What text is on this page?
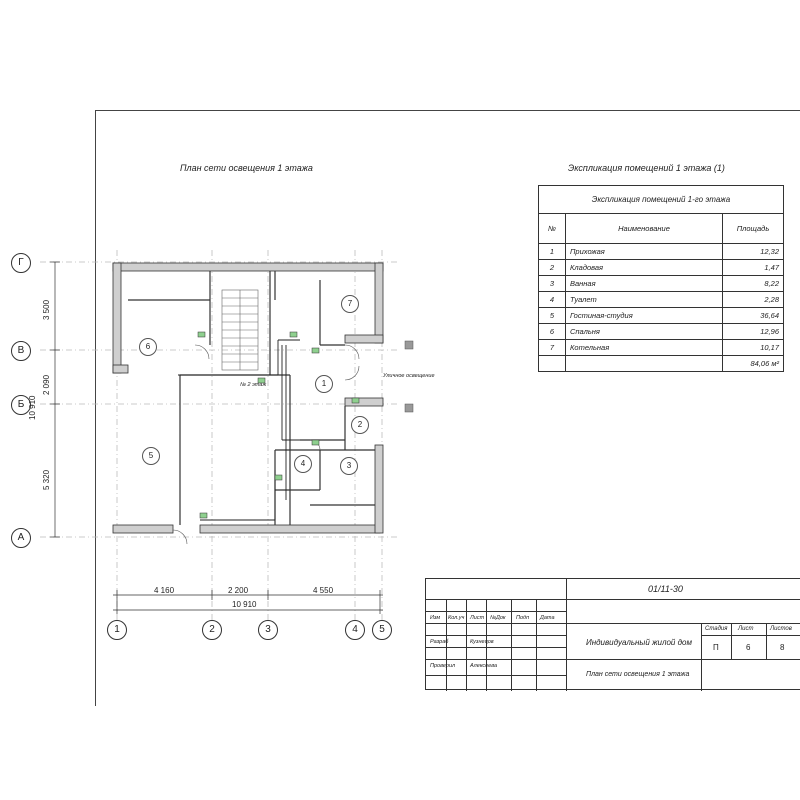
План сети освещения 1 этажа
1
2
3
4
5
6
7
№ 2 этаж
Уличное освещение
Г
В
Б
А
1	2	3	4	5
3 500
2 090
5 320
10 910
4 160	2 200	4 550
10 910
Экспликация помещений 1 этажа (1)
Экспликация помещений 1-го этажа		
№	Наименование	Площадь
1	Прихожая	12,32
2	Кладовая	1,47
3	Ванная	8,22
4	Туалет	2,28
5	Гостиная-студия	36,64
6	Спальня	12,96
7	Котельная	10,17
		84,06 м²
01/11-30
Изм Кол.уч Лист №Док Подп Дата
Разраб	Кузнецов
Проверил	Алексеева
Индивидуальный жилой дом
План сети освещения 1 этажа
Стадия Лист	Листов
П	6	8
